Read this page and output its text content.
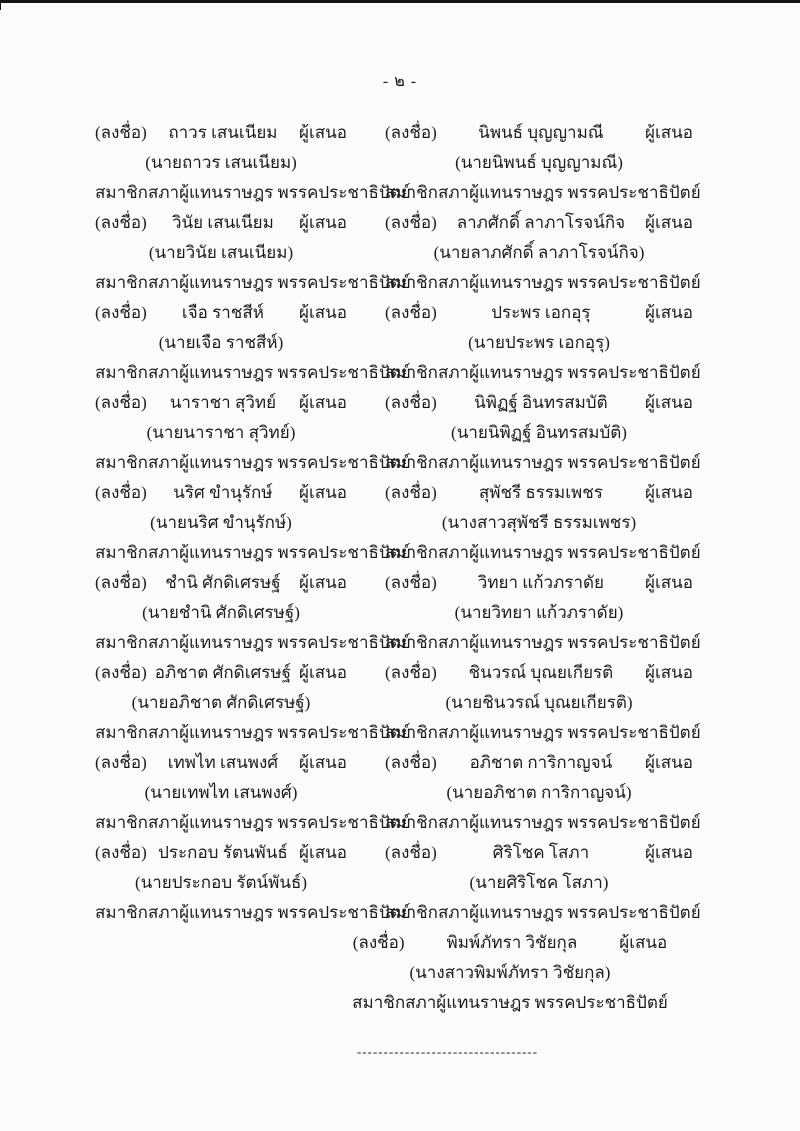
- ๒ -
(ลงชื่อ)	ถาวร เสนเนียม	ผู้เสนอ
(นายถาวร เสนเนียม)
สมาชิกสภาผู้แทนราษฎร พรรคประชาธิปัตย์
(ลงชื่อ)	นิพนธ์ บุญญามณี	ผู้เสนอ
(นายนิพนธ์ บุญญามณี)
สมาชิกสภาผู้แทนราษฎร พรรคประชาธิปัตย์
(ลงชื่อ)	วินัย เสนเนียม	ผู้เสนอ
(นายวินัย เสนเนียม)
สมาชิกสภาผู้แทนราษฎร พรรคประชาธิปัตย์
(ลงชื่อ)	ลาภศักดิ์ ลาภาโรจน์กิจ	ผู้เสนอ
(นายลาภศักดิ์ ลาภาโรจน์กิจ)
สมาชิกสภาผู้แทนราษฎร พรรคประชาธิปัตย์
(ลงชื่อ)	เจือ ราชสีห์	ผู้เสนอ
(นายเจือ ราชสีห์)
สมาชิกสภาผู้แทนราษฎร พรรคประชาธิปัตย์
(ลงชื่อ)	ประพร เอกอุรุ	ผู้เสนอ
(นายประพร เอกอุรุ)
สมาชิกสภาผู้แทนราษฎร พรรคประชาธิปัตย์
(ลงชื่อ)	นาราชา สุวิทย์	ผู้เสนอ
(นายนาราชา สุวิทย์)
สมาชิกสภาผู้แทนราษฎร พรรคประชาธิปัตย์
(ลงชื่อ)	นิพิฏฐ์ อินทรสมบัติ	ผู้เสนอ
(นายนิพิฏฐ์ อินทรสมบัติ)
สมาชิกสภาผู้แทนราษฎร พรรคประชาธิปัตย์
(ลงชื่อ)	นริศ ขำนุรักษ์	ผู้เสนอ
(นายนริศ ขำนุรักษ์)
สมาชิกสภาผู้แทนราษฎร พรรคประชาธิปัตย์
(ลงชื่อ)	สุพัชรี ธรรมเพชร	ผู้เสนอ
(นางสาวสุพัชรี ธรรมเพชร)
สมาชิกสภาผู้แทนราษฎร พรรคประชาธิปัตย์
(ลงชื่อ)	ชำนิ ศักดิเศรษฐ์	ผู้เสนอ
(นายชำนิ ศักดิเศรษฐ์)
สมาชิกสภาผู้แทนราษฎร พรรคประชาธิปัตย์
(ลงชื่อ)	วิทยา แก้วภราดัย	ผู้เสนอ
(นายวิทยา แก้วภราดัย)
สมาชิกสภาผู้แทนราษฎร พรรคประชาธิปัตย์
(ลงชื่อ) อภิชาต ศักดิเศรษฐ์ ผู้เสนอ
(นายอภิชาต ศักดิเศรษฐ์)
สมาชิกสภาผู้แทนราษฎร พรรคประชาธิปัตย์
(ลงชื่อ)	ชินวรณ์ บุณยเกียรติ	ผู้เสนอ
(นายชินวรณ์ บุณยเกียรติ)
สมาชิกสภาผู้แทนราษฎร พรรคประชาธิปัตย์
(ลงชื่อ)	เทพไท เสนพงศ์	ผู้เสนอ
(นายเทพไท เสนพงศ์)
สมาชิกสภาผู้แทนราษฎร พรรคประชาธิปัตย์
(ลงชื่อ)	อภิชาต การิกาญจน์	ผู้เสนอ
(นายอภิชาต การิกาญจน์)
สมาชิกสภาผู้แทนราษฎร พรรคประชาธิปัตย์
(ลงชื่อ) ประกอบ รัตนพันธ์ ผู้เสนอ
(นายประกอบ รัตน์พันธ์)
สมาชิกสภาผู้แทนราษฎร พรรคประชาธิปัตย์
(ลงชื่อ)	ศิริโชค โสภา	ผู้เสนอ
(นายศิริโชค โสภา)
สมาชิกสภาผู้แทนราษฎร พรรคประชาธิปัตย์
(ลงชื่อ)	พิมพ์ภัทรา วิชัยกุล	ผู้เสนอ
(นางสาวพิมพ์ภัทรา วิชัยกุล)
สมาชิกสภาผู้แทนราษฎร พรรคประชาธิปัตย์
----------------------------------
